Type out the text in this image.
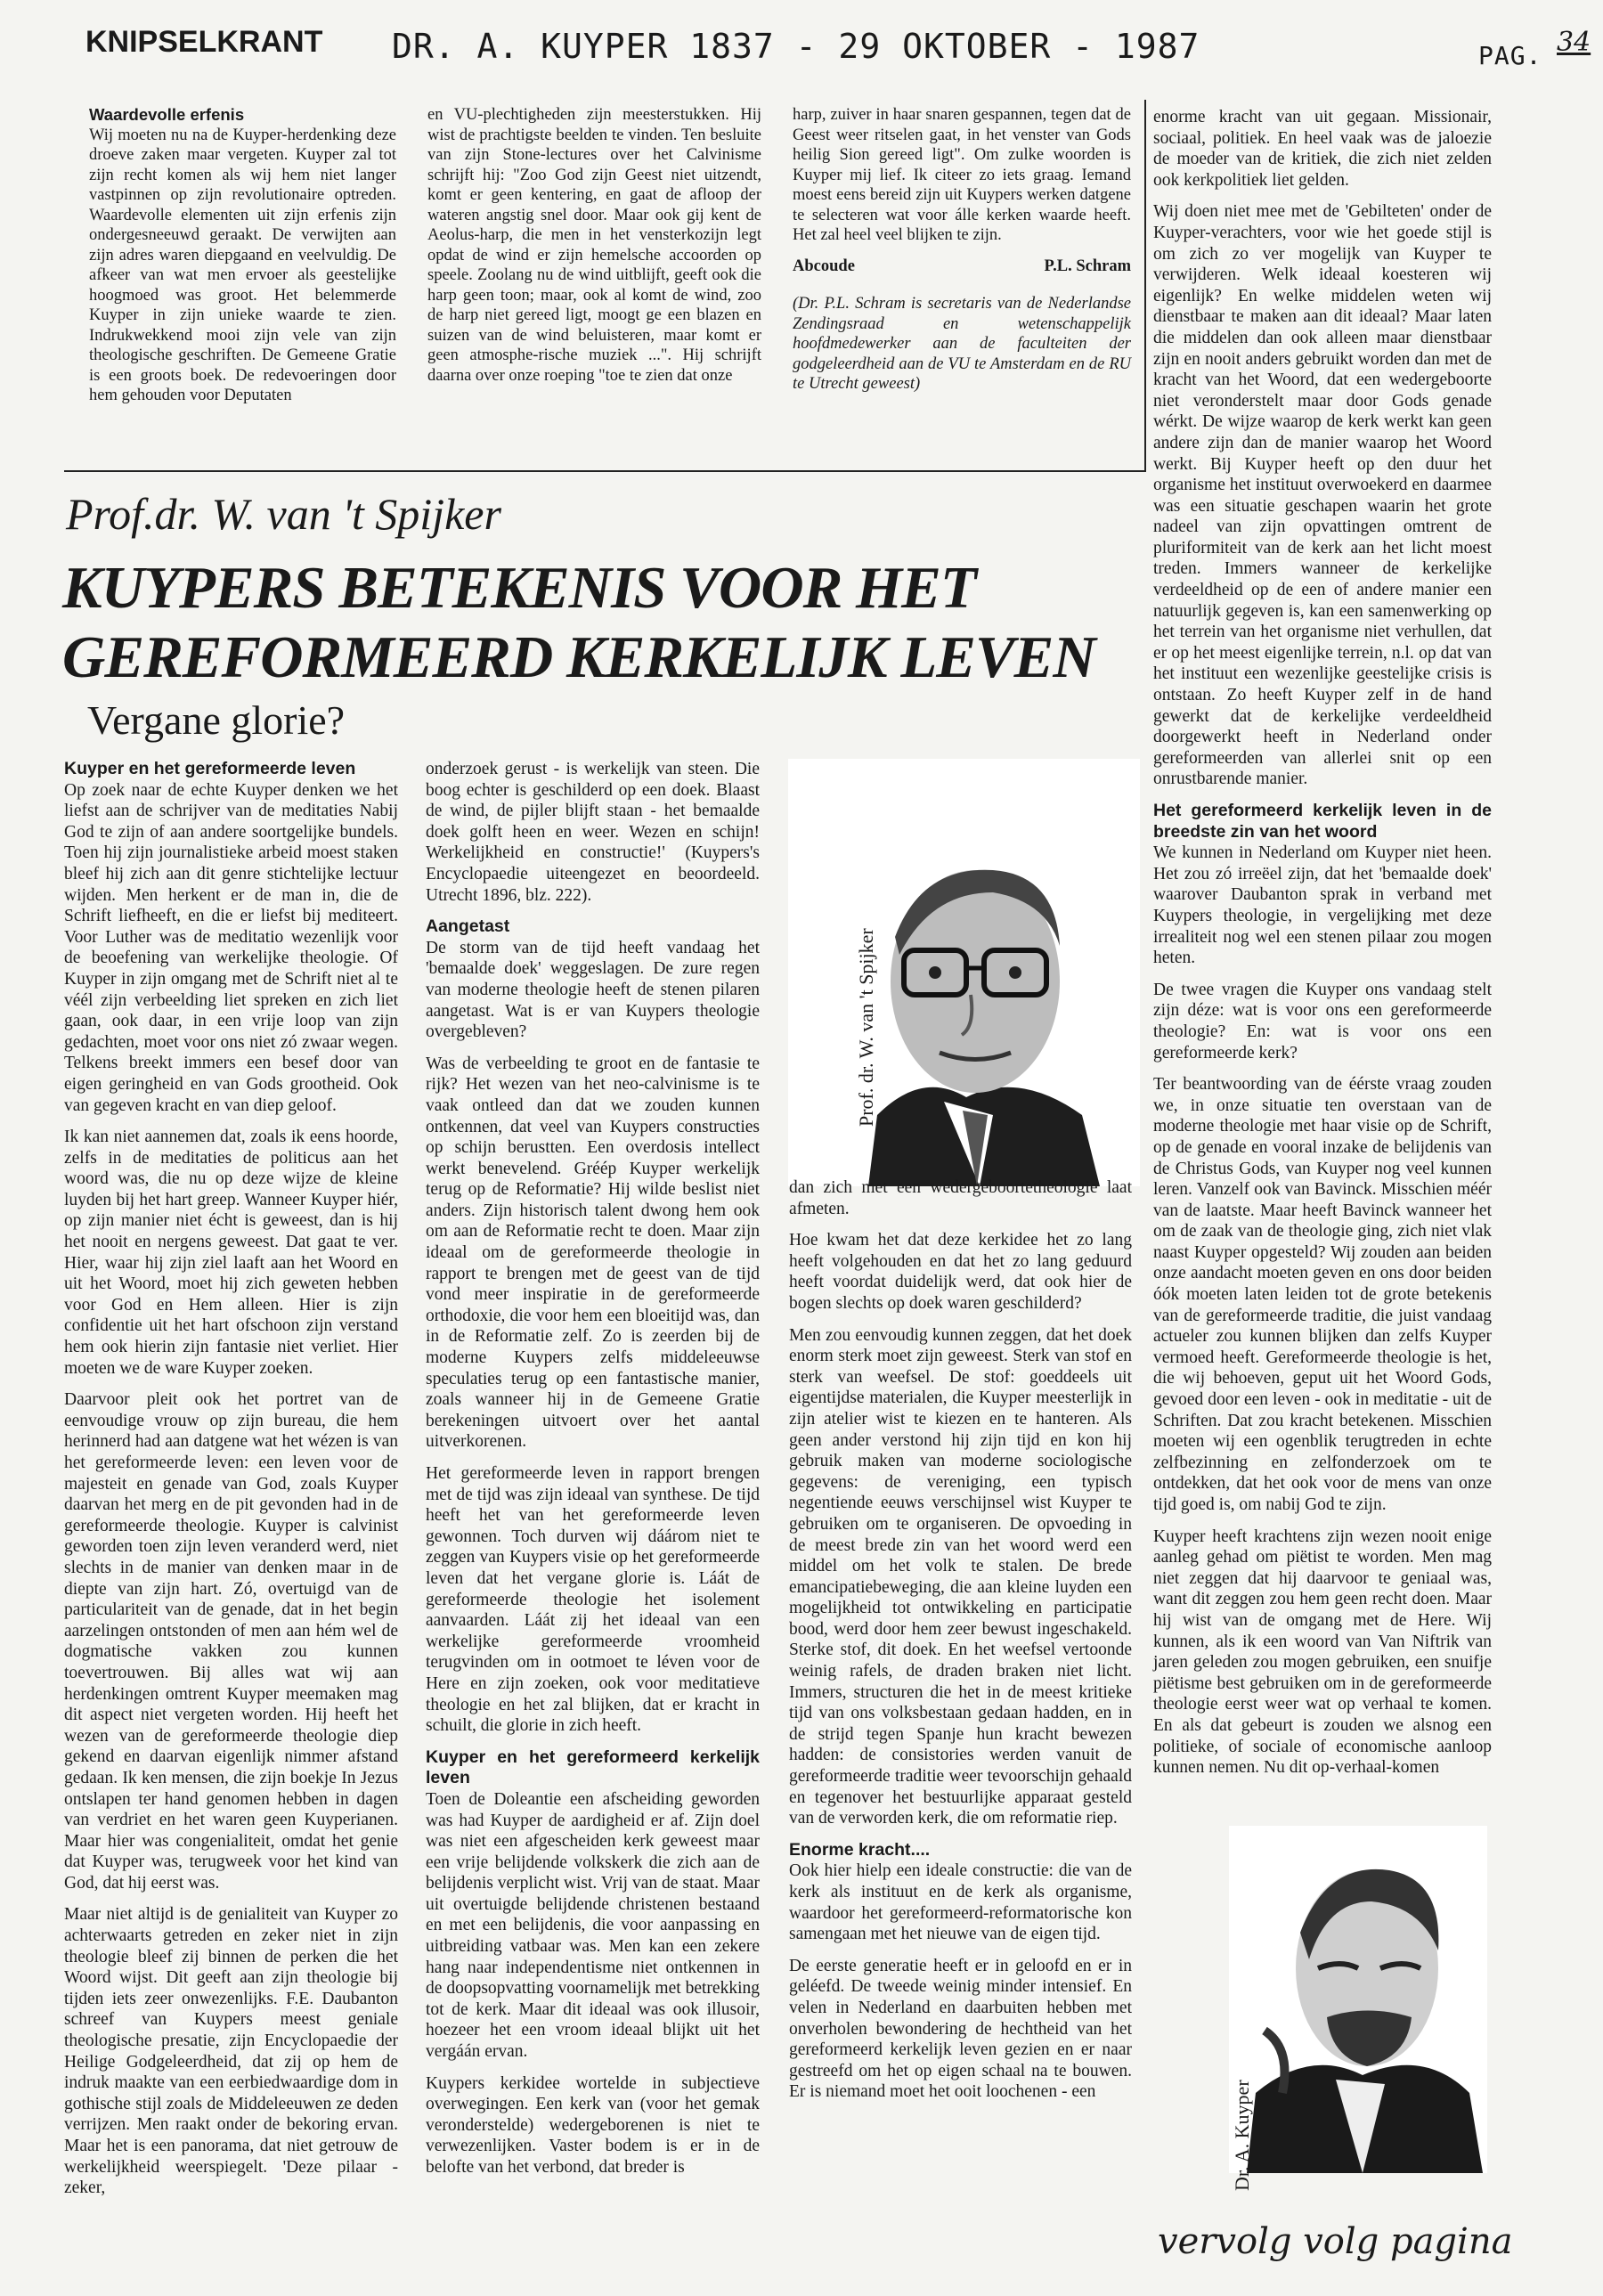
KNIPSELKRANT DR. A. KUYPER 1837 - 29 OKTOBER - 1987	PAG. 34
Waardevolle erfenis
Wij moeten nu na de Kuyper-herdenking deze droeve zaken maar vergeten. Kuyper zal tot zijn recht komen als wij hem niet langer vastpinnen op zijn revolutionaire optreden. Waardevolle elementen uit zijn erfenis zijn ondergesneeuwd geraakt. De verwijten aan zijn adres waren diepgaand en veelvuldig. De afkeer van wat men ervoer als geestelijke hoogmoed was groot. Het belemmerde Kuyper in zijn unieke waarde te zien. Indrukwekkend mooi zijn vele van zijn theologische geschriften. De Gemeene Gratie is een groots boek. De redevoeringen door hem gehouden voor Deputaten
en VU-plechtigheden zijn meesterstukken. Hij wist de prachtigste beelden te vinden. Ten besluite van zijn Stone-lectures over het Calvinisme schrijft hij: "Zoo God zijn Geest niet uitzendt, komt er geen kentering, en gaat de afloop der wateren angstig snel door. Maar ook gij kent de Aeolus-harp, die men in het vensterkozijn legt opdat de wind er zijn hemelsche accoorden op speele. Zoolang nu de wind uitblijft, geeft ook die harp geen toon; maar, ook al komt de wind, zoo de harp niet gereed ligt, moogt ge een blazen en suizen van de wind beluisteren, maar komt er geen atmosphe-rische muziek ...". Hij schrijft daarna over onze roeping "toe te zien dat onze

harp, zuiver in haar snaren gespannen, tegen dat de Geest weer ritselen gaat, in het venster van Gods heilig Sion gereed ligt". Om zulke woorden is Kuyper mij lief. Ik citeer zo iets graag. Iemand moest eens bereid zijn uit Kuypers werken datgene te selecteren wat voor álle kerken waarde heeft. Het zal heel veel blijken te zijn.

Abcoude	P.L. Schram

(Dr. P.L. Schram is secretaris van de Nederlandse Zendingsraad en wetenschappelijk hoofdmedewerker aan de faculteiten der godgeleerdheid aan de VU te Amsterdam en de RU te Utrecht geweest)

Prof.dr. W. van 't Spijker
KUYPERS BETEKENIS VOOR HET
GEREFORMEERD KERKELIJK LEVEN
Vergane glorie?
Kuyper en het gereformeerde leven

Op zoek naar de echte Kuyper denken we het liefst aan de schrijver van de meditaties Nabij God te zijn of aan andere soortgelijke bundels. Toen hij zijn journalistieke arbeid moest staken bleef hij zich aan dit genre stichtelijke lectuur wijden. Men herkent er de man in, die de Schrift liefheeft, en die er liefst bij mediteert. Voor Luther was de meditatio wezenlijk voor de beoefening van werkelijke theologie. Of Kuyper in zijn omgang met de Schrift niet al te véél zijn verbeelding liet spreken en zich liet gaan, ook daar, in een vrije loop van zijn gedachten, moet voor ons niet zó zwaar wegen. Telkens breekt immers een besef door van eigen geringheid en van Gods grootheid. Ook van gegeven kracht en van diep geloof.

Ik kan niet aannemen dat, zoals ik eens hoorde, zelfs in de meditaties de politicus aan het woord was, die nu op deze wijze de kleine luyden bij het hart greep. Wanneer Kuyper hiér, op zijn manier niet écht is geweest, dan is hij het nooit en nergens geweest. Dat gaat te ver. Hier, waar hij zijn ziel laaft aan het Woord en uit het Woord, moet hij zich geweten hebben voor God en Hem alleen. Hier is zijn confidentie uit het hart ofschoon zijn verstand hem ook hierin zijn fantasie niet verliet. Hier moeten we de ware Kuyper zoeken.

Daarvoor pleit ook het portret van de eenvoudige vrouw op zijn bureau, die hem herinnerd had aan datgene wat het wézen is van het gereformeerde leven: een leven voor de majesteit en genade van God, zoals Kuyper daarvan het merg en de pit gevonden had in de gereformeerde theologie. Kuyper is calvinist geworden toen zijn leven veranderd werd, niet slechts in de manier van denken maar in de diepte van zijn hart. Zó, overtuigd van de particulariteit van de genade, dat in het begin aarzelingen ontstonden of men aan hém wel de dogmatische vakken zou kunnen toevertrouwen. Bij alles wat wij aan herdenkingen omtrent Kuyper meemaken mag dit aspect niet vergeten worden. Hij heeft het wezen van de gereformeerde theologie diep gekend en daarvan eigenlijk nimmer afstand gedaan. Ik ken mensen, die zijn boekje In Jezus ontslapen ter hand genomen hebben in dagen van verdriet en het waren geen Kuyperianen. Maar hier was congenialiteit, omdat het genie dat Kuyper was, terugweek voor het kind van God, dat hij eerst was.

Maar niet altijd is de genialiteit van Kuyper zo achterwaarts getreden en zeker niet in zijn theologie bleef zij binnen de perken die het Woord wijst. Dit geeft aan zijn theologie bij tijden iets zeer onwezenlijks. F.E. Daubanton schreef van Kuypers meest geniale theologische presatie, zijn Encyclopaedie der Heilige Godgeleerdheid, dat zij op hem de indruk maakte van een eerbiedwaardige dom in gothische stijl zoals de Middeleeuwen ze deden verrijzen. Men raakt onder de bekoring ervan. Maar het is een panorama, dat niet getrouw de werkelijkheid weerspiegelt. 'Deze pilaar - zeker,

onderzoek gerust - is werkelijk van steen. Die boog echter is geschilderd op een doek. Blaast de wind, de pijler blijft staan - het bemaalde doek golft heen en weer. Wezen en schijn! Werkelijkheid en constructie!' (Kuypers's Encyclopaedie uiteengezet en beoordeeld. Utrecht 1896, blz. 222).

Aangetast

De storm van de tijd heeft vandaag het 'bemaalde doek' weggeslagen. De zure regen van moderne theologie heeft de stenen pilaren aangetast. Wat is er van Kuypers theologie overgebleven?

Was de verbeelding te groot en de fantasie te rijk? Het wezen van het neo-calvinisme is te vaak ontleed dan dat we zouden kunnen ontkennen, dat veel van Kuypers constructies op schijn berustten. Een overdosis intellect werkt benevelend. Gréép Kuyper werkelijk terug op de Reformatie? Hij wilde beslist niet anders. Zijn historisch talent dwong hem ook om aan de Reformatie recht te doen. Maar zijn ideaal om de gereformeerde theologie in rapport te brengen met de geest van de tijd vond meer inspiratie in de gereformeerde orthodoxie, die voor hem een bloeitijd was, dan in de Reformatie zelf. Zo is zeerden bij de moderne Kuypers zelfs middeleeuwse speculaties terug op een fantastische manier, zoals wanneer hij in de Gemeene Gratie berekeningen uitvoert over het aantal uitverkorenen.

Het gereformeerde leven in rapport brengen met de tijd was zijn ideaal van synthese. De tijd heeft het van het gereformeerde leven gewonnen. Toch durven wij dáárom niet te zeggen van Kuypers visie op het gereformeerde leven dat het vergane glorie is. Láát de gereformeerde theologie het isolement aanvaarden. Láát zij het ideaal van een werkelijke gereformeerde vroomheid terugvinden om in ootmoet te léven voor de Here en zijn zoeken, ook voor meditatieve theologie en het zal blijken, dat er kracht in schuilt, die glorie in zich heeft.

Kuyper en het gereformeerd kerkelijk leven

Toen de Doleantie een afscheiding geworden was had Kuyper de aardigheid er af. Zijn doel was niet een afgescheiden kerk geweest maar een vrije belijdende volkskerk die zich aan de belijdenis verplicht wist. Vrij van de staat. Maar uit overtuigde belijdende christenen bestaand en met een belijdenis, die voor aanpassing en uitbreiding vatbaar was. Men kan een zekere hang naar independentisme niet ontkennen in de doopsopvatting voornamelijk met betrekking tot de kerk. Maar dit ideaal was ook illusoir, hoezeer het een vroom ideaal blijkt uit het vergáán ervan.

Kuypers kerkidee wortelde in subjectieve overwegingen. Een kerk van (voor het gemak veronderstelde) wedergeborenen is niet te verwezenlijken. Vaster bodem is er in de belofte van het verbond, dat breder is

Prof. dr. W. van 't Spijker

dan zich met een wedergeboortetheologie laat afmeten.

Hoe kwam het dat deze kerkidee het zo lang heeft volgehouden en dat het zo lang geduurd heeft voordat duidelijk werd, dat ook hier de bogen slechts op doek waren geschilderd?

Men zou eenvoudig kunnen zeggen, dat het doek enorm sterk moet zijn geweest. Sterk van stof en sterk van weefsel. De stof: goeddeels uit eigentijdse materialen, die Kuyper meesterlijk in zijn atelier wist te kiezen en te hanteren. Als geen ander verstond hij zijn tijd en kon hij gebruik maken van moderne sociologische gegevens: de vereniging, een typisch negentiende eeuws verschijnsel wist Kuyper te gebruiken om te organiseren. De opvoeding in de meest brede zin van het woord werd een middel om het volk te stalen. De brede emancipatiebeweging, die aan kleine luyden een mogelijkheid tot ontwikkeling en participatie bood, werd door hem zeer bewust ingeschakeld. Sterke stof, dit doek. En het weefsel vertoonde weinig rafels, de draden braken niet licht. Immers, structuren die het in de meest kritieke tijd van ons volksbestaan gedaan hadden, en in de strijd tegen Spanje hun kracht bewezen hadden: de consistories werden vanuit de gereformeerde traditie weer tevoorschijn gehaald en tegenover het bestuurlijke apparaat gesteld van de verworden kerk, die om reformatie riep.

Enorme kracht....

Ook hier hielp een ideale constructie: die van de kerk als instituut en de kerk als organisme, waardoor het gereformeerd-reformatorische kon samengaan met het nieuwe van de eigen tijd.

De eerste generatie heeft er in geloofd en er in geléefd. De tweede weinig minder intensief. En velen in Nederland en daarbuiten hebben met onverholen bewondering de hechtheid van het gereformeerd kerkelijk leven gezien en er naar gestreefd om het op eigen schaal na te bouwen. Er is niemand moet het ooit loochenen - een

enorme kracht van uit gegaan. Missionair, sociaal, politiek. En heel vaak was de jaloezie de moeder van de kritiek, die zich niet zelden ook kerkpolitiek liet gelden.

Wij doen niet mee met de 'Gebilteten' onder de Kuyper-verachters, voor wie het goede stijl is om zich zo ver mogelijk van Kuyper te verwijderen. Welk ideaal koesteren wij eigenlijk? En welke middelen weten wij dienstbaar te maken aan dit ideaal? Maar laten die middelen dan ook alleen maar dienstbaar zijn en nooit anders gebruikt worden dan met de kracht van het Woord, dat een wedergeboorte niet veronderstelt maar door Gods genade wérkt. De wijze waarop de kerk werkt kan geen andere zijn dan de manier waarop het Woord werkt. Bij Kuyper heeft op den duur het organisme het instituut overwoekerd en daarmee was een situatie geschapen waarin het grote nadeel van zijn opvattingen omtrent de pluriformiteit van de kerk aan het licht moest treden. Immers wanneer de kerkelijke verdeeldheid op de een of andere manier een natuurlijk gegeven is, kan een samenwerking op het terrein van het organisme niet verhullen, dat er op het meest eigenlijke terrein, n.l. op dat van het instituut een wezenlijke geestelijke crisis is ontstaan. Zo heeft Kuyper zelf in de hand gewerkt dat de kerkelijke verdeeldheid doorgewerkt heeft in Nederland onder gereformeerden van allerlei snit op een onrustbarende manier.

Het gereformeerd kerkelijk leven in de breedste zin van het woord

We kunnen in Nederland om Kuyper niet heen. Het zou zó irreëel zijn, dat het 'bemaalde doek' waarover Daubanton sprak in verband met Kuypers theologie, in vergelijking met deze irrealiteit nog wel een stenen pilaar zou mogen heten.

De twee vragen die Kuyper ons vandaag stelt zijn déze: wat is voor ons een gereformeerde theologie? En: wat is voor ons een gereformeerde kerk?

Ter beantwoording van de éérste vraag zouden we, in onze situatie ten overstaan van de moderne theologie met haar visie op de Schrift, op de genade en vooral inzake de belijdenis van de Christus Gods, van Kuyper nog veel kunnen leren. Vanzelf ook van Bavinck. Misschien méér van de laatste. Maar heeft Bavinck wanneer het om de zaak van de theologie ging, zich niet vlak naast Kuyper opgesteld? Wij zouden aan beiden onze aandacht moeten geven en ons door beiden óók moeten laten leiden tot de grote betekenis van de gereformeerde traditie, die juist vandaag actueler zou kunnen blijken dan zelfs Kuyper vermoed heeft. Gereformeerde theologie is het, die wij behoeven, geput uit het Woord Gods, gevoed door een leven - ook in meditatie - uit de Schriften. Dat zou kracht betekenen. Misschien moeten wij een ogenblik terugtreden in echte zelfbezinning en zelfonderzoek om te ontdekken, dat het ook voor de mens van onze tijd goed is, om nabij God te zijn.

Kuyper heeft krachtens zijn wezen nooit enige aanleg gehad om piëtist te worden. Men mag niet zeggen dat hij daarvoor te geniaal was, want dit zeggen zou hem geen recht doen. Maar hij wist van de omgang met de Here. Wij kunnen, als ik een woord van Van Niftrik van jaren geleden zou mogen gebruiken, een snuifje piëtisme best gebruiken om in de gereformeerde theologie eerst weer wat op verhaal te komen. En als dat gebeurt is zouden we alsnog een politieke, of sociale of economische aanloop kunnen nemen. Nu dit op-verhaal-komen

Dr. A. Kuyper
vervolg volg pagina
